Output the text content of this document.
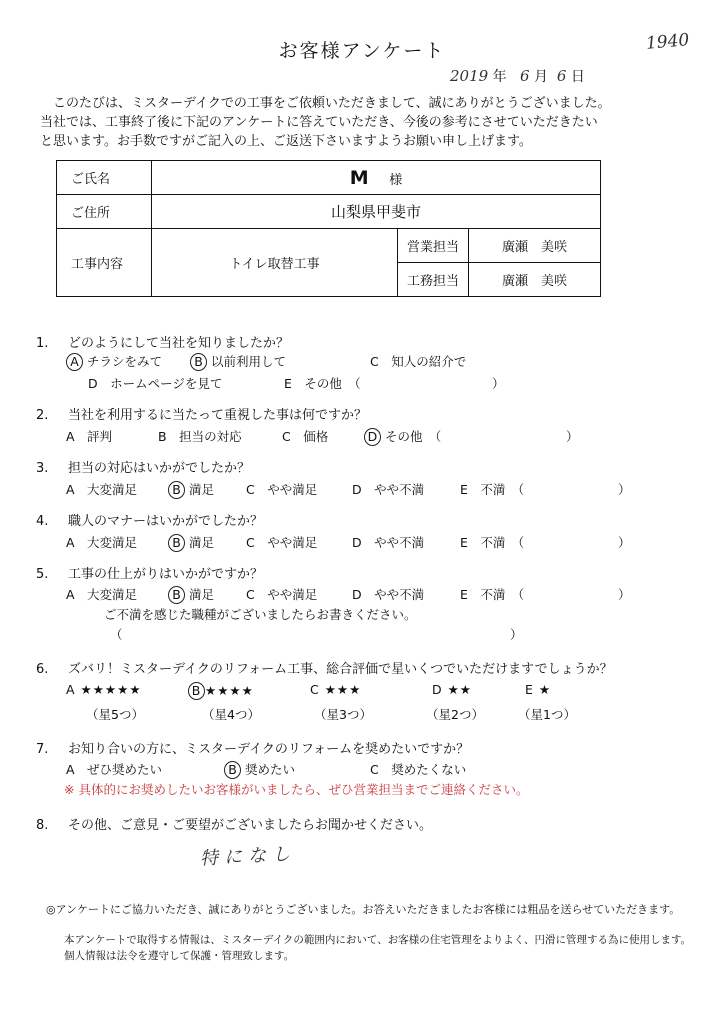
お客様アンケート	1940
2019 年 6 月 6 日
　このたびは、ミスターデイクでの工事をご依頼いただきまして、誠にありがとうございました。
当社では、工事終了後に下記のアンケートに答えていただき、今後の参考にさせていただきたい
と思います。お手数ですがご記入の上、ご返送下さいますようお願い申し上げます。
ご氏名	M 様		
ご住所	山梨県甲斐市		
工事内容	トイレ取替工事	営業担当	廣瀬　美咲
		工務担当	廣瀬　美咲
1. どのようにして当社を知りましたか？
A チラシをみて	B 以前利用して	C　知人の紹介で
D　ホームページを見て	E　その他　（	）
2. 当社を利用するに当たって重視した事は何ですか？
A　評判	B　担当の対応	C　価格	D その他　（	）
3. 担当の対応はいかがでしたか？
A　大変満足	B 満足	C　やや満足	D　やや不満	E　不満　（	）
4. 職人のマナーはいかがでしたか？
A　大変満足	B 満足	C　やや満足	D　やや不満	E　不満　（	）
5. 工事の仕上がりはいかがですか？
A　大変満足	B 満足	C　やや満足	D　やや不満	E　不満　（	）
ご不満を感じた職種がございましたらお書きください。
（	）
6. ズバリ！ミスターデイクのリフォーム工事、総合評価で星いくつでいただけますでしょうか？
A ★★★★★	B ★★★★	C ★★★	D ★★	E ★
（星5つ）	（星4つ）	（星3つ）	（星2つ）	（星1つ）
7. お知り合いの方に、ミスターデイクのリフォームを奨めたいですか？
A　ぜひ奨めたい	B 奨めたい	C　奨めたくない
※ 具体的にお奨めしたいお客様がいましたら、ぜひ営業担当までご連絡ください。
8. その他、ご意見・ご要望がございましたらお聞かせください。
特になし
◎アンケートにご協力いただき、誠にありがとうございました。お答えいただきましたお客様には粗品を送らせていただきます。
本アンケートで取得する情報は、ミスターデイクの範囲内において、お客様の住宅管理をよりよく、円滑に管理する為に使用します。
個人情報は法令を遵守して保護・管理致します。
